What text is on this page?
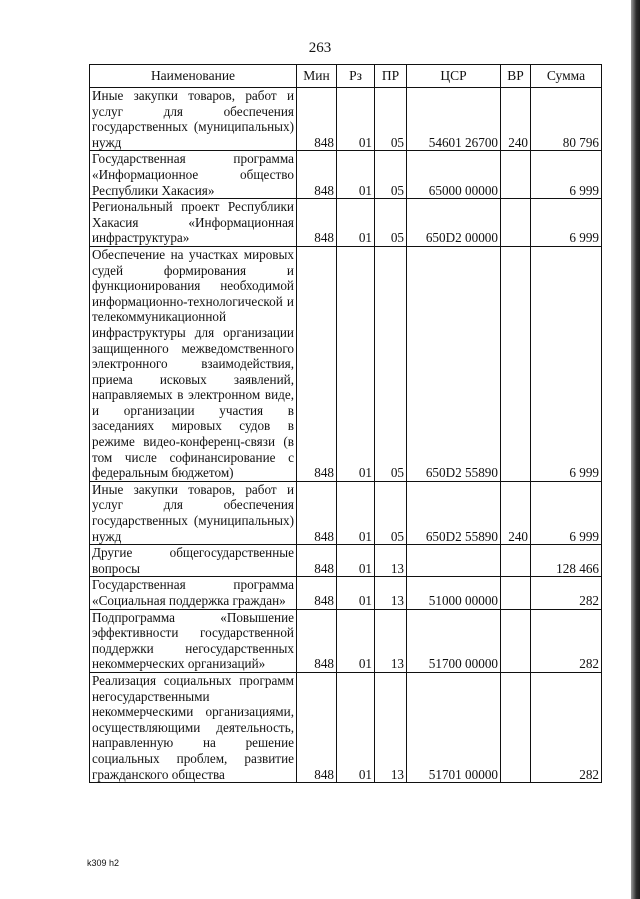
263
Наименование	Мин	Рз	ПР	ЦСР	ВР	Сумма
Иные закупки товаров, работ и услуг для обеспечения государственных (муниципальных) нужд	848	01	05	54601 26700	240	80 796
Государственная программа «Информационное общество Республики Хакасия»	848	01	05	65000 00000		6 999
Региональный проект Республики Хакасия «Информационная инфраструктура»	848	01	05	650D2 00000		6 999
Обеспечение на участках мировых судей формирования и функционирования необходимой информационно-технологической и телекоммуникационной инфраструктуры для организации защищенного межведомственного электронного взаимодействия, приема исковых заявлений, направляемых в электронном виде, и организации участия в заседаниях мировых судов в режиме видео-конференц-связи (в том числе софинансирование с федеральным бюджетом)	848	01	05	650D2 55890		6 999
Иные закупки товаров, работ и услуг для обеспечения государственных (муниципальных) нужд	848	01	05	650D2 55890	240	6 999
Другие общегосударственные вопросы	848	01	13			128 466
Государственная программа «Социальная поддержка граждан»	848	01	13	51000 00000		282
Подпрограмма «Повышение эффективности государственной поддержки негосударственных некоммерческих организаций»	848	01	13	51700 00000		282
Реализация социальных программ негосударственными некоммерческими организациями, осуществляющими деятельность, направленную на решение социальных проблем, развитие гражданского общества	848	01	13	51701 00000		282
k309 h2
